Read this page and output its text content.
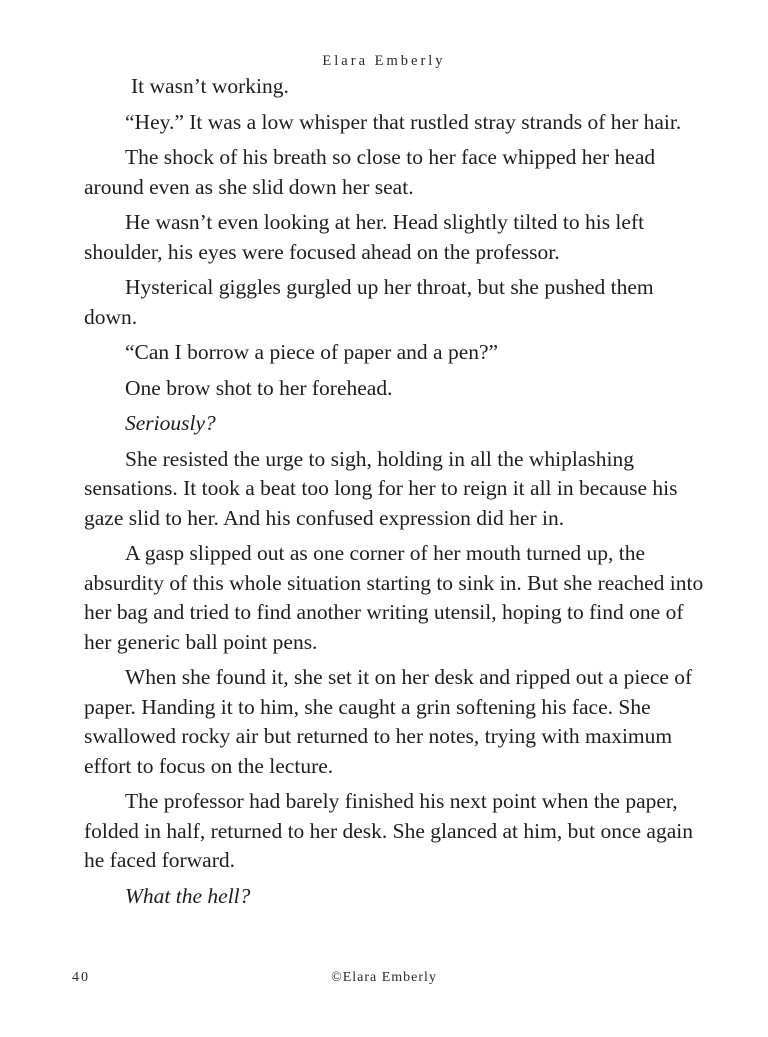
Elara Emberly

It wasn’t working.

“Hey.” It was a low whisper that rustled stray strands of her hair.

The shock of his breath so close to her face whipped her head around even as she slid down her seat.

He wasn’t even looking at her. Head slightly tilted to his left shoulder, his eyes were focused ahead on the professor.

Hysterical giggles gurgled up her throat, but she pushed them down.

“Can I borrow a piece of paper and a pen?”

One brow shot to her forehead.

Seriously?

She resisted the urge to sigh, holding in all the whiplashing sensations. It took a beat too long for her to reign it all in because his gaze slid to her. And his confused expression did her in.

A gasp slipped out as one corner of her mouth turned up, the absurdity of this whole situation starting to sink in. But she reached into her bag and tried to find another writing utensil, hoping to find one of her generic ball point pens.

When she found it, she set it on her desk and ripped out a piece of paper. Handing it to him, she caught a grin softening his face. She swallowed rocky air but returned to her notes, trying with maximum effort to focus on the lecture.

The professor had barely finished his next point when the paper, folded in half, returned to her desk. She glanced at him, but once again he faced forward.

What the hell?

40	©Elara Emberly
